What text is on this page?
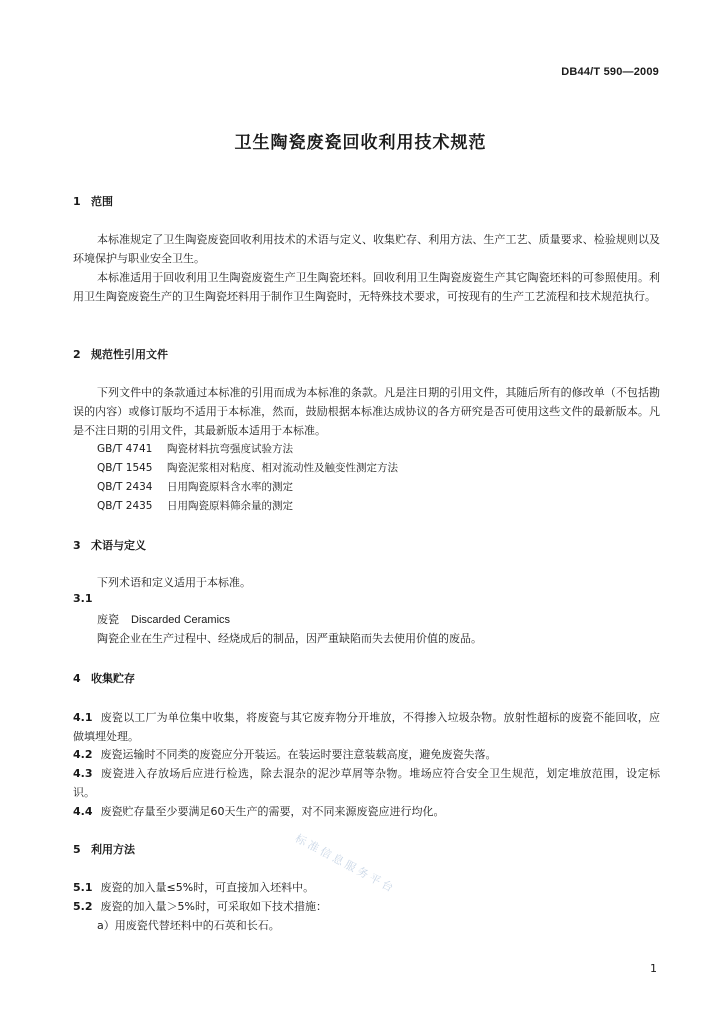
DB44/T 590—2009
卫生陶瓷废瓷回收利用技术规范
1 范围
本标准规定了卫生陶瓷废瓷回收利用技术的术语与定义、收集贮存、利用方法、生产工艺、质量要求、检验规则以及环境保护与职业安全卫生。
本标准适用于回收利用卫生陶瓷废瓷生产卫生陶瓷坯料。回收利用卫生陶瓷废瓷生产其它陶瓷坯料的可参照使用。利用卫生陶瓷废瓷生产的卫生陶瓷坯料用于制作卫生陶瓷时，无特殊技术要求，可按现有的生产工艺流程和技术规范执行。
2 规范性引用文件
下列文件中的条款通过本标准的引用而成为本标准的条款。凡是注日期的引用文件，其随后所有的修改单（不包括勘误的内容）或修订版均不适用于本标准，然而，鼓励根据本标准达成协议的各方研究是否可使用这些文件的最新版本。凡是不注日期的引用文件，其最新版本适用于本标准。
GB/T 4741 陶瓷材料抗弯强度试验方法
QB/T 1545 陶瓷泥浆相对粘度、相对流动性及触变性测定方法
QB/T 2434 日用陶瓷原料含水率的测定
QB/T 2435 日用陶瓷原料筛余量的测定
3 术语与定义
下列术语和定义适用于本标准。
3.1
废瓷 Discarded Ceramics
陶瓷企业在生产过程中、经烧成后的制品，因严重缺陷而失去使用价值的废品。
4 收集贮存
4.1 废瓷以工厂为单位集中收集，将废瓷与其它废弃物分开堆放，不得掺入垃圾杂物。放射性超标的废瓷不能回收，应做填埋处理。
4.2 废瓷运输时不同类的废瓷应分开装运。在装运时要注意装载高度，避免废瓷失落。
4.3 废瓷进入存放场后应进行检选，除去混杂的泥沙草屑等杂物。堆场应符合安全卫生规范，划定堆放范围，设定标识。
4.4 废瓷贮存量至少要满足60天生产的需要，对不同来源废瓷应进行均化。
5 利用方法
5.1 废瓷的加入量≤5%时，可直接加入坯料中。
5.2 废瓷的加入量＞5%时，可采取如下技术措施：
a）用废瓷代替坯料中的石英和长石。
标准信息服务平台
1
